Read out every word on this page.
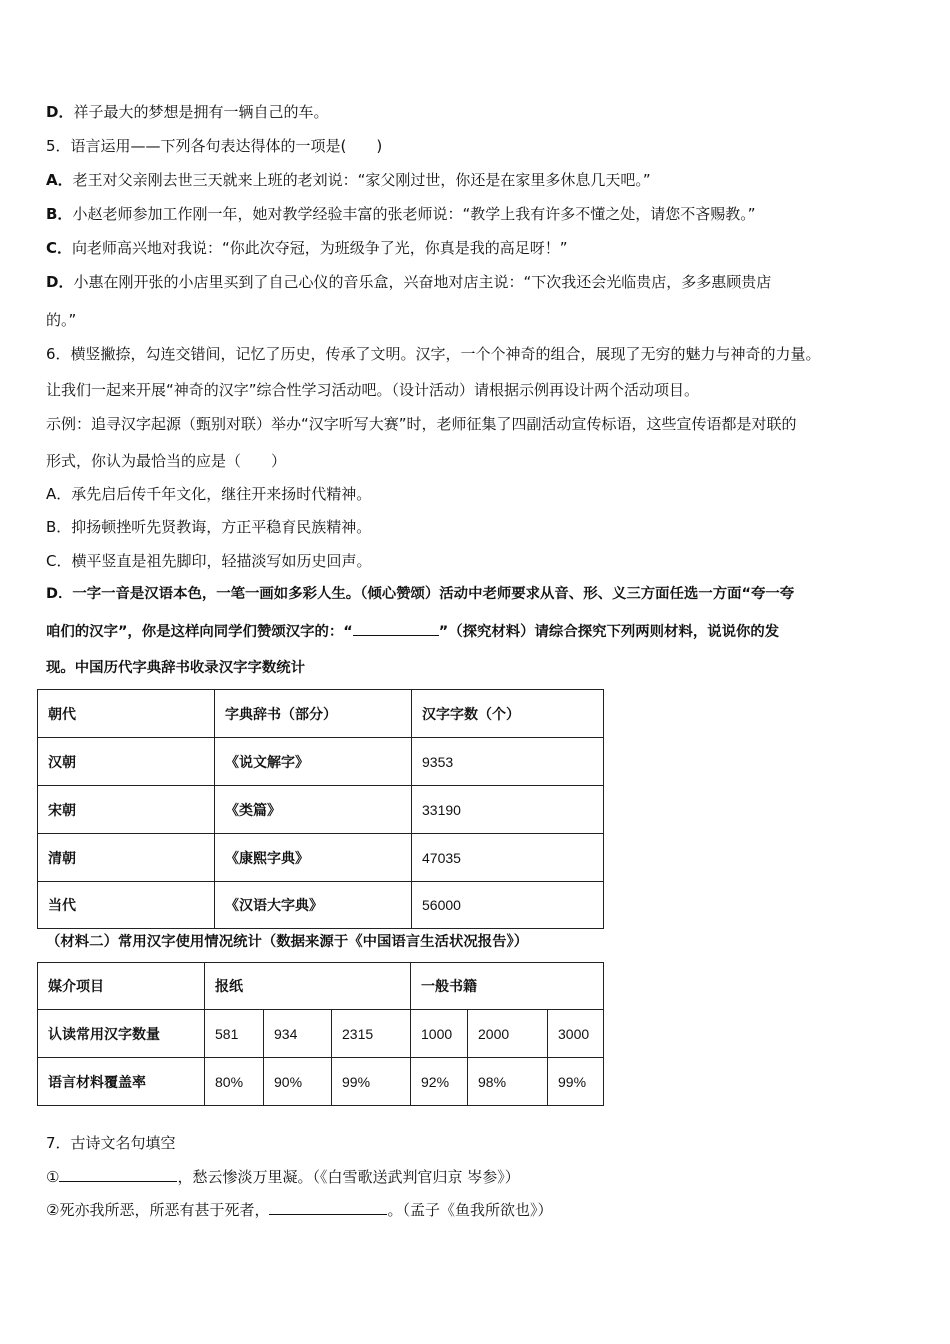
D．祥子最大的梦想是拥有一辆自己的车。
5．语言运用——下列各句表达得体的一项是(　　)
A．老王对父亲刚去世三天就来上班的老刘说：“家父刚过世，你还是在家里多休息几天吧。”
B．小赵老师参加工作刚一年，她对教学经验丰富的张老师说：“教学上我有许多不懂之处，请您不吝赐教。”
C．向老师高兴地对我说：“你此次夺冠，为班级争了光，你真是我的高足呀！”
D．小惠在刚开张的小店里买到了自己心仪的音乐盒，兴奋地对店主说：“下次我还会光临贵店，多多惠顾贵店
的。”
6．横竖撇捺，勾连交错间，记忆了历史，传承了文明。汉字，一个个神奇的组合，展现了无穷的魅力与神奇的力量。
让我们一起来开展“神奇的汉字”综合性学习活动吧。（设计活动）请根据示例再设计两个活动项目。
示例：追寻汉字起源（甄别对联）举办“汉字听写大赛”时，老师征集了四副活动宣传标语，这些宣传语都是对联的
形式，你认为最恰当的应是（　　）
A．承先启后传千年文化，继往开来扬时代精神。
B．抑扬顿挫听先贤教诲，方正平稳育民族精神。
C．横平竖直是祖先脚印，轻描淡写如历史回声。
D．一字一音是汉语本色，一笔一画如多彩人生。（倾心赞颂）活动中老师要求从音、形、义三方面任选一方面“夸一夸
咱们的汉字”，你是这样向同学们赞颂汉字的：“	”（探究材料）请综合探究下列两则材料，说说你的发
现。中国历代字典辞书收录汉字字数统计
朝代	字典辞书（部分）	汉字字数（个）
汉朝	《说文解字》	9353
宋朝	《类篇》	33190
清朝	《康熙字典》	47035
当代	《汉语大字典》	56000
（材料二）常用汉字使用情况统计（数据来源于《中国语言生活状况报告》）
媒介项目	报纸			一般书籍		
认读常用汉字数量	581	934	2315	1000	2000	3000
语言材料覆盖率	80%	90%	99%	92%	98%	99%
7．古诗文名句填空
①	，愁云惨淡万里凝。（《白雪歌送武判官归京 岑参》）
②死亦我所恶，所恶有甚于死者，	。（孟子《鱼我所欲也》）
